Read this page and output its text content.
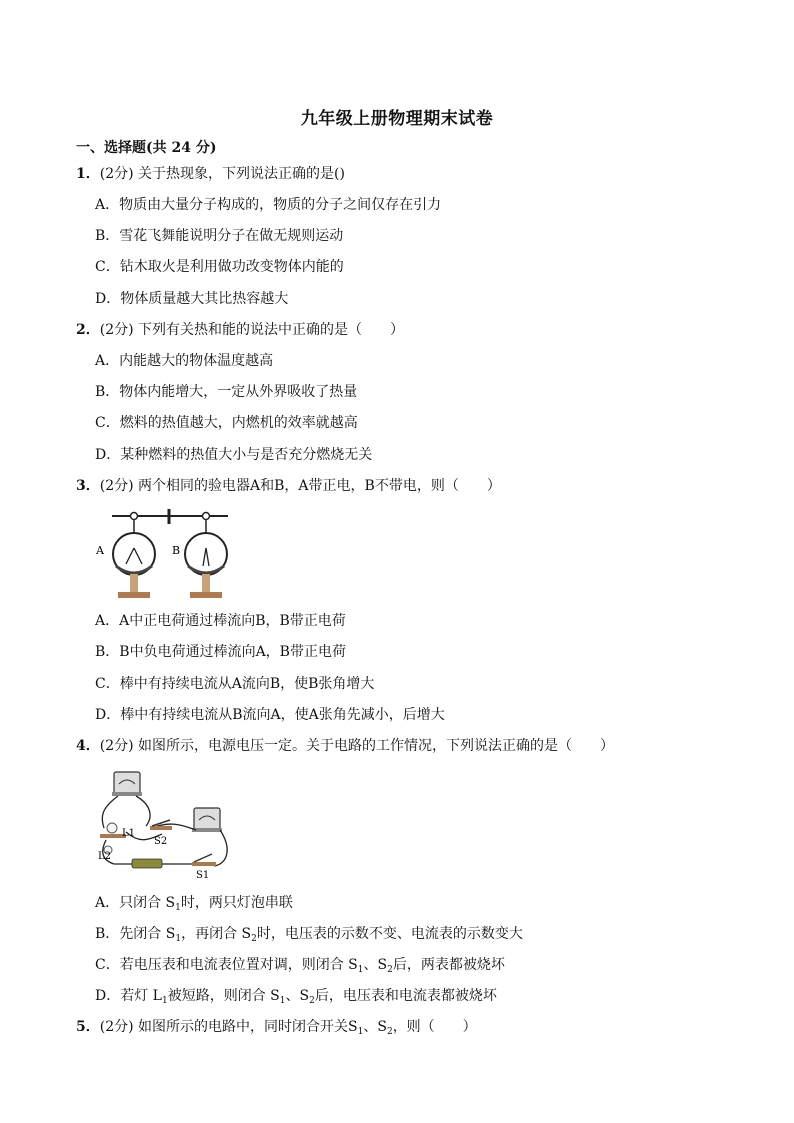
九年级上册物理期末试卷
一、选择题(共 24 分)
1．(2分) 关于热现象，下列说法正确的是()
A．物质由大量分子构成的，物质的分子之间仅存在引力
B．雪花飞舞能说明分子在做无规则运动
C．钻木取火是利用做功改变物体内能的
D．物体质量越大其比热容越大
2．(2分) 下列有关热和能的说法中正确的是（　　）
A．内能越大的物体温度越高
B．物体内能增大，一定从外界吸收了热量
C．燃料的热值越大，内燃机的效率就越高
D．某种燃料的热值大小与是否充分燃烧无关
3．(2分) 两个相同的验电器A和B，A带正电，B不带电，则（　　）
A	B
A．A中正电荷通过棒流向B，B带正电荷
B．B中负电荷通过棒流向A，B带正电荷
C．棒中有持续电流从A流向B，使B张角增大
D．棒中有持续电流从B流向A，使A张角先减小，后增大
4．(2分) 如图所示，电源电压一定。关于电路的工作情况，下列说法正确的是（　　）
L1
L2
S2
S1
A．只闭合 $S_1$时，两只灯泡串联
B．先闭合 $S_1$，再闭合 $S_2$时，电压表的示数不变、电流表的示数变大
C．若电压表和电流表位置对调，则闭合 $S_1$、$S_2$后，两表都被烧坏
D．若灯 $L_1$被短路，则闭合 $S_1$、$S_2$后，电压表和电流表都被烧坏
5．(2分) 如图所示的电路中，同时闭合开关$S_1$、$S_2$，则（　　）
